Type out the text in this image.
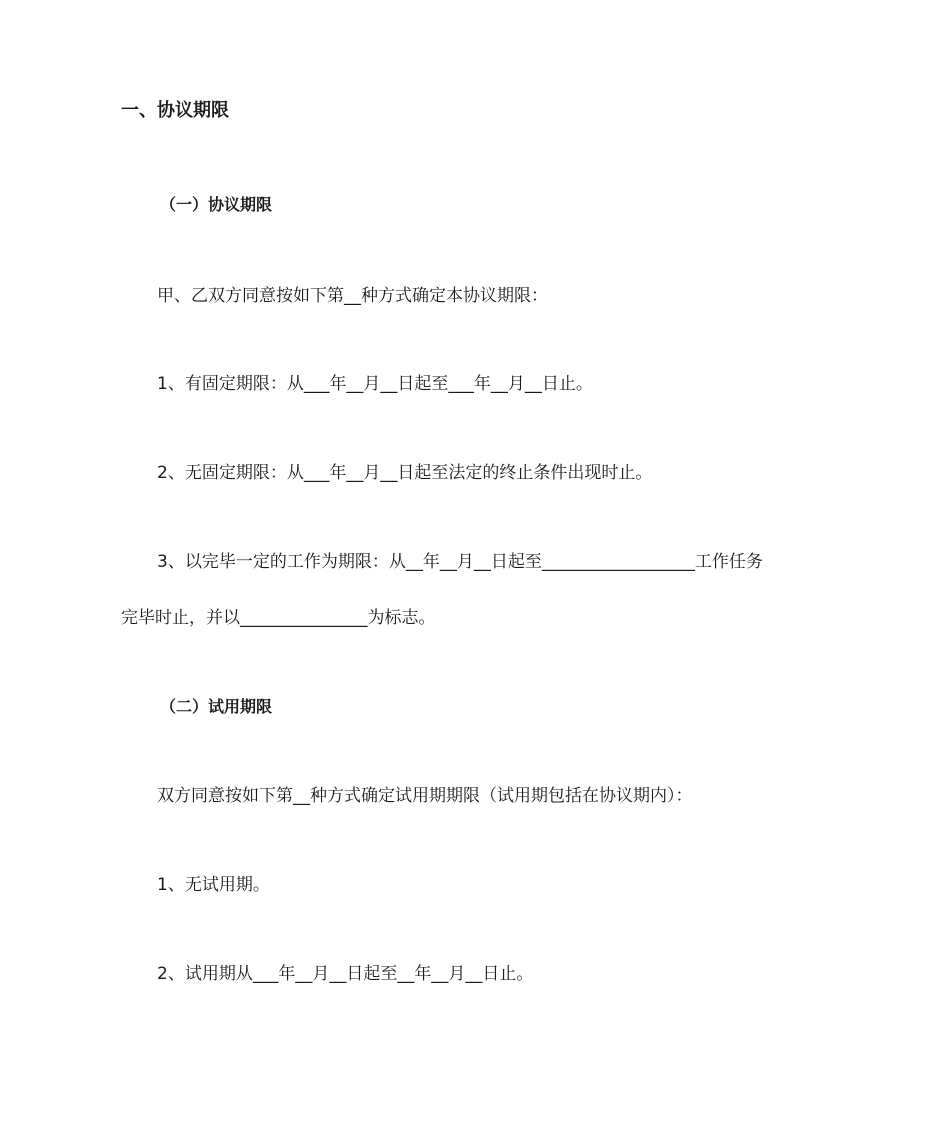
一、协议期限
（一）协议期限
甲、乙双方同意按如下第__种方式确定本协议期限：
1、有固定期限：从___年__月__日起至___年__月__日止。
2、无固定期限：从___年__月__日起至法定的终止条件出现时止。
3、以完毕一定的工作为期限：从__年__月__日起至__________________工作任务
完毕时止，并以_______________为标志。
（二）试用期限
双方同意按如下第__种方式确定试用期期限（试用期包括在协议期内）：
1、无试用期。
2、试用期从___年__月__日起至__年__月__日止。
